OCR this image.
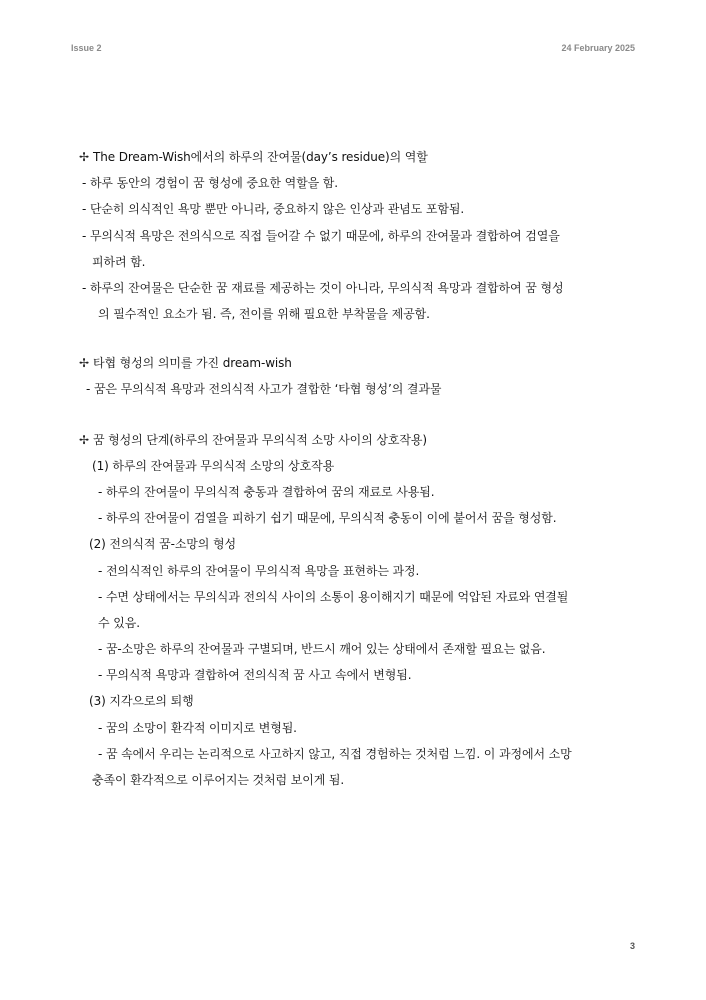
Issue 2	24 February 2025
✢ The Dream-Wish에서의 하루의 잔여물(day’s residue)의 역할
- 하루 동안의 경험이 꿈 형성에 중요한 역할을 함.
- 단순히 의식적인 욕망 뿐만 아니라, 중요하지 않은 인상과 관념도 포함됨.
- 무의식적 욕망은 전의식으로 직접 들어갈 수 없기 때문에, 하루의 잔여물과 결합하여 검열을
피하려 함.
- 하루의 잔여물은 단순한 꿈 재료를 제공하는 것이 아니라, 무의식적 욕망과 결합하여 꿈 형성
의 필수적인 요소가 됨. 즉, 전이를 위해 필요한 부착물을 제공함.
✢ 타협 형성의 의미를 가진 dream-wish
- 꿈은 무의식적 욕망과 전의식적 사고가 결합한 ‘타협 형성’의 결과물
✢ 꿈 형성의 단계(하루의 잔여물과 무의식적 소망 사이의 상호작용)
(1) 하루의 잔여물과 무의식적 소망의 상호작용
- 하루의 잔여물이 무의식적 충동과 결합하여 꿈의 재료로 사용됨.
- 하루의 잔여물이 검열을 피하기 쉽기 때문에, 무의식적 충동이 이에 붙어서 꿈을 형성함.
(2) 전의식적 꿈-소망의 형성
- 전의식적인 하루의 잔여물이 무의식적 욕망을 표현하는 과정.
- 수면 상태에서는 무의식과 전의식 사이의 소통이 용이해지기 때문에 억압된 자료와 연결될
수 있음.
- 꿈-소망은 하루의 잔여물과 구별되며, 반드시 깨어 있는 상태에서 존재할 필요는 없음.
- 무의식적 욕망과 결합하여 전의식적 꿈 사고 속에서 변형됨.
(3) 지각으로의 퇴행
- 꿈의 소망이 환각적 이미지로 변형됨.
- 꿈 속에서 우리는 논리적으로 사고하지 않고, 직접 경험하는 것처럼 느낌. 이 과정에서 소망
충족이 환각적으로 이루어지는 것처럼 보이게 됨.
3
